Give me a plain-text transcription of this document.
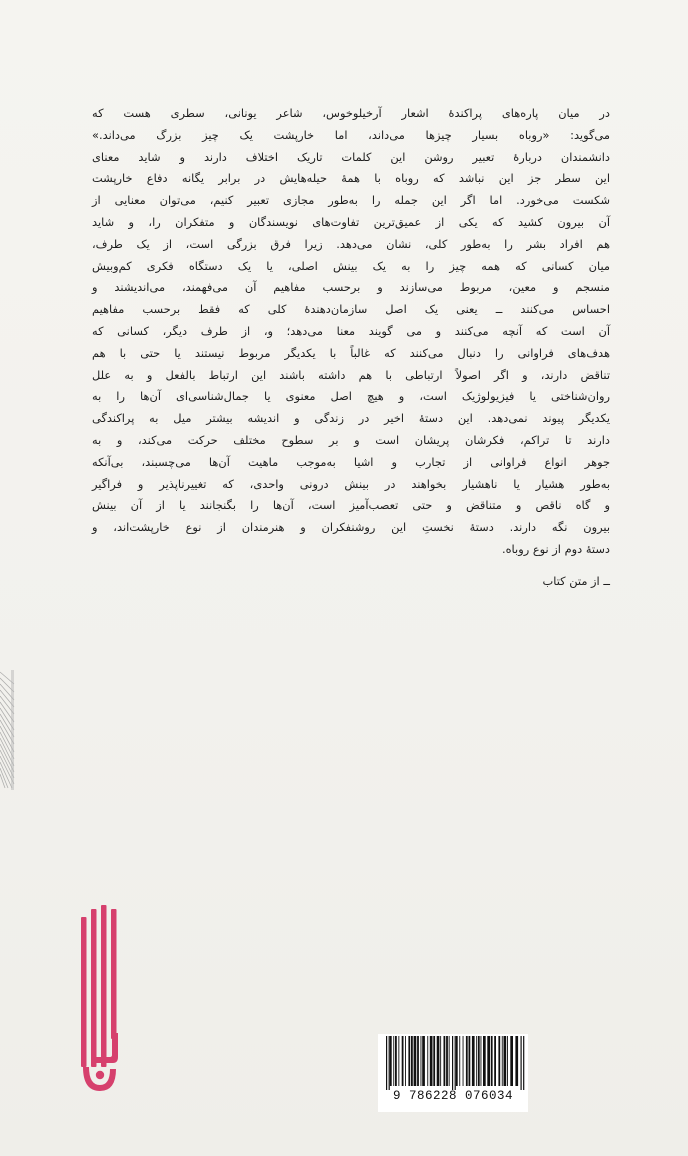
در میان پاره‌های پراکندهٔ اشعار آرخیلوخوس، شاعر یونانی، سطری هست که
می‌گوید: «روباه بسیار چیزها می‌داند، اما خارپشت یک چیز بزرگ می‌داند.»
دانشمندان دربارهٔ تعبیر روشن این کلمات تاریک اختلاف دارند و شاید معنای
این سطر جز این نباشد که روباه با همهٔ حیله‌هایش در برابر یگانه دفاع خارپشت
شکست می‌خورد. اما اگر این جمله را به‌طور مجازی تعبیر کنیم، می‌توان معنایی از
آن بیرون کشید که یکی از عمیق‌ترین تفاوت‌های نویسندگان و متفکران را، و شاید
هم افراد بشر را به‌طور کلی، نشان می‌دهد. زیرا فرق بزرگی است، از یک طرف،
میان کسانی که همه چیز را به یک بینش اصلی، یا یک دستگاه فکری کم‌وبیش
منسجم و معین، مربوط می‌سازند و برحسب مفاهیم آن می‌فهمند، می‌اندیشند و
احساس می‌کنند ــ یعنی یک اصل سازمان‌دهندهٔ کلی که فقط برحسب مفاهیم
آن است که آنچه می‌کنند و می گویند معنا می‌دهد؛ و، از طرف دیگر، کسانی که
هدف‌های فراوانی را دنبال می‌کنند که غالباً با یکدیگر مربوط نیستند یا حتی با هم
تناقض دارند، و اگر اصولاً ارتباطی با هم داشته باشند این ارتباط بالفعل و به علل
روان‌شناختی یا فیزیولوژیک است، و هیچ اصل معنوی یا جمال‌شناسی‌ای آن‌ها را به
یکدیگر پیوند نمی‌دهد. این دستهٔ اخیر در زندگی و اندیشه بیشتر میل به پراکندگی
دارند تا تراکم، فکرشان پریشان است و بر سطوح مختلف حرکت می‌کند، و به
جوهر انواع فراوانی از تجارب و اشیا به‌موجب ماهیت آن‌ها می‌چسبند، بی‌آنکه
به‌طور هشیار یا ناهشیار بخواهند در بینش درونی واحدی، که تغییرناپذیر و فراگیر
و گاه ناقص و متناقض و حتی تعصب‌آمیز است، آن‌ها را بگنجانند یا از آن بینش
بیرون نگه دارند. دستهٔ نخستِ این روشنفکران و هنرمندان از نوع خارپشت‌اند، و
دستهٔ دوم از نوع روباه.
ــ از متن کتاب
9 786228 076034
